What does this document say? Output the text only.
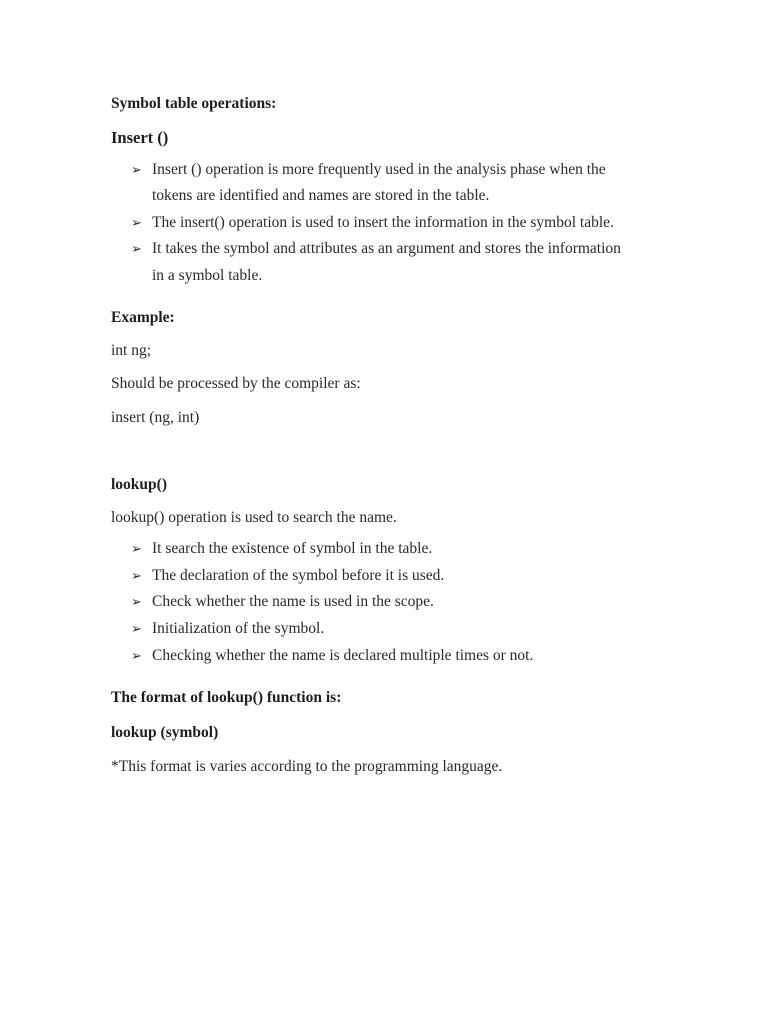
Symbol table operations:

Insert ()

➢ Insert () operation is more frequently used in the analysis phase when the

tokens are identified and names are stored in the table.

➢ The insert() operation is used to insert the information in the symbol table.

➢ It takes the symbol and attributes as an argument and stores the information

in a symbol table.

Example:

int ng;

Should be processed by the compiler as:

insert (ng, int)

lookup()

lookup() operation is used to search the name.

➢ It search the existence of symbol in the table.

➢ The declaration of the symbol before it is used.

➢ Check whether the name is used in the scope.

➢ Initialization of the symbol.

➢ Checking whether the name is declared multiple times or not.

The format of lookup() function is:

lookup (symbol)

*This format is varies according to the programming language.
